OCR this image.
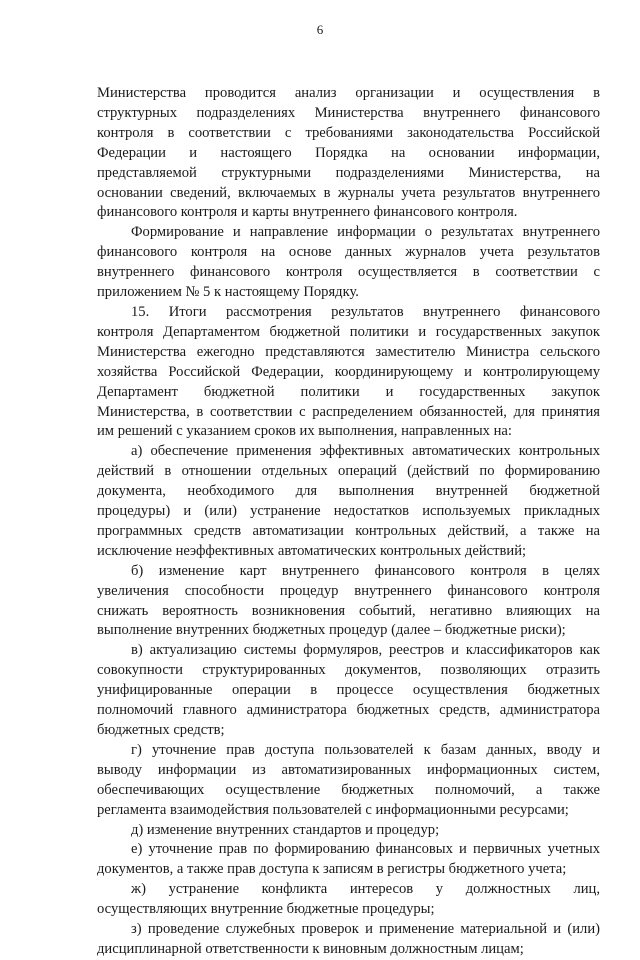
6
Министерства проводится анализ организации и осуществления в
структурных подразделениях Министерства внутреннего финансового
контроля в соответствии с требованиями законодательства Российской
Федерации и настоящего Порядка на основании информации,
представляемой структурными подразделениями Министерства, на
основании сведений, включаемых в журналы учета результатов внутреннего
финансового контроля и карты внутреннего финансового контроля.
Формирование и направление информации о результатах внутреннего
финансового контроля на основе данных журналов учета результатов
внутреннего финансового контроля осуществляется в соответствии с
приложением № 5 к настоящему Порядку.
15. Итоги рассмотрения результатов внутреннего финансового
контроля Департаментом бюджетной политики и государственных закупок
Министерства ежегодно представляются заместителю Министра сельского
хозяйства Российской Федерации, координирующему и контролирующему
Департамент бюджетной политики и государственных закупок
Министерства, в соответствии с распределением обязанностей, для принятия
им решений с указанием сроков их выполнения, направленных на:
а) обеспечение применения эффективных автоматических контрольных
действий в отношении отдельных операций (действий по формированию
документа, необходимого для выполнения внутренней бюджетной
процедуры) и (или) устранение недостатков используемых прикладных
программных средств автоматизации контрольных действий, а также на
исключение неэффективных автоматических контрольных действий;
б) изменение карт внутреннего финансового контроля в целях
увеличения способности процедур внутреннего финансового контроля
снижать вероятность возникновения событий, негативно влияющих на
выполнение внутренних бюджетных процедур (далее – бюджетные риски);
в) актуализацию системы формуляров, реестров и классификаторов как
совокупности структурированных документов, позволяющих отразить
унифицированные операции в процессе осуществления бюджетных
полномочий главного администратора бюджетных средств, администратора
бюджетных средств;
г) уточнение прав доступа пользователей к базам данных, вводу и
выводу информации из автоматизированных информационных систем,
обеспечивающих осуществление бюджетных полномочий, а также
регламента взаимодействия пользователей с информационными ресурсами;
д) изменение внутренних стандартов и процедур;
е) уточнение прав по формированию финансовых и первичных учетных
документов, а также прав доступа к записям в регистры бюджетного учета;
ж) устранение конфликта интересов у должностных лиц,
осуществляющих внутренние бюджетные процедуры;
з) проведение служебных проверок и применение материальной и (или)
дисциплинарной ответственности к виновным должностным лицам;
